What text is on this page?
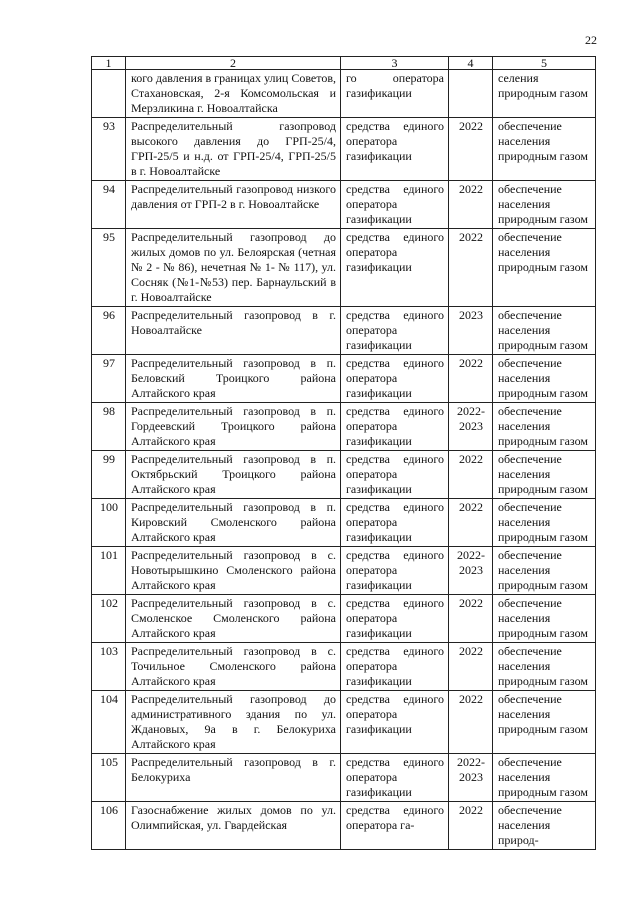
22
1	2	3	4	5
	кого давления в границах улиц Советов, Стахановская, 2-я Комсомольская и Мерзликина г. Новоалтайска	го оператора газификации		селения природным газом
93	Распределительный газопровод высокого давления до ГРП-25/4, ГРП-25/5 и н.д. от ГРП-25/4, ГРП-25/5 в г. Новоалтайске	средства единого оператора газификации	2022	обеспечение населения природным газом
94	Распределительный газопровод низкого давления от ГРП-2 в г. Новоалтайске	средства единого оператора газификации	2022	обеспечение населения природным газом
95	Распределительный газопровод до жилых домов по ул. Белоярская (четная № 2 - № 86), нечетная № 1- № 117), ул. Сосняк (№1-№53) пер. Барнаульский в г. Новоалтайске	средства единого оператора газификации	2022	обеспечение населения природным газом
96	Распределительный газопровод в г. Новоалтайске	средства единого оператора газификации	2023	обеспечение населения природным газом
97	Распределительный газопровод в п. Беловский Троицкого района Алтайского края	средства единого оператора газификации	2022	обеспечение населения природным газом
98	Распределительный газопровод в п. Гордеевский Троицкого района Алтайского края	средства единого оператора газификации	2022-2023	обеспечение населения природным газом
99	Распределительный газопровод в п. Октябрьский Троицкого района Алтайского края	средства единого оператора газификации	2022	обеспечение населения природным газом
100	Распределительный газопровод в п. Кировский Смоленского района Алтайского края	средства единого оператора газификации	2022	обеспечение населения природным газом
101	Распределительный газопровод в с. Новотырышкино Смоленского района Алтайского края	средства единого оператора газификации	2022-2023	обеспечение населения природным газом
102	Распределительный газопровод в с. Смоленское Смоленского района Алтайского края	средства единого оператора газификации	2022	обеспечение населения природным газом
103	Распределительный газопровод в с. Точильное Смоленского района Алтайского края	средства единого оператора газификации	2022	обеспечение населения природным газом
104	Распределительный газопровод до административного здания по ул. Ждановых, 9а в г. Белокуриха Алтайского края	средства единого оператора газификации	2022	обеспечение населения природным газом
105	Распределительный газопровод в г. Белокуриха	средства единого оператора газификации	2022-2023	обеспечение населения природным газом
106	Газоснабжение жилых домов по ул. Олимпийская, ул. Гвардейская	средства единого оператора га-	2022	обеспечение населения природ-
